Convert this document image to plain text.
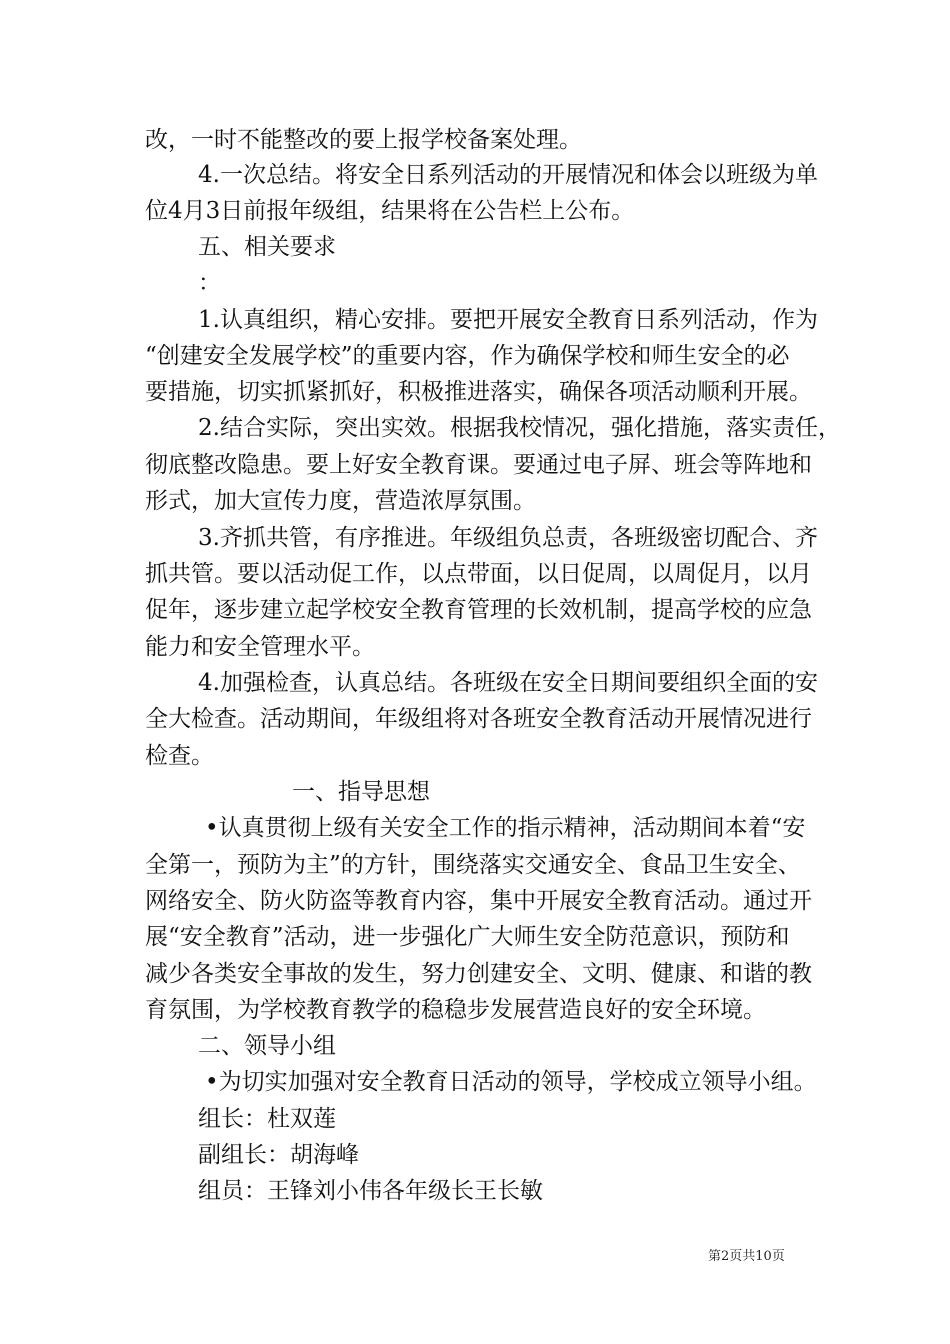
改，一时不能整改的要上报学校备案处理。
4.一次总结。将安全日系列活动的开展情况和体会以班级为单
位4月3日前报年级组，结果将在公告栏上公布。
五、相关要求
：
1.认真组织，精心安排。要把开展安全教育日系列活动，作为
“创建安全发展学校”的重要内容，作为确保学校和师生安全的必
要措施，切实抓紧抓好，积极推进落实，确保各项活动顺利开展。
2.结合实际，突出实效。根据我校情况，强化措施，落实责任，
彻底整改隐患。要上好安全教育课。要通过电子屏、班会等阵地和
形式，加大宣传力度，营造浓厚氛围。
3.齐抓共管，有序推进。年级组负总责，各班级密切配合、齐
抓共管。要以活动促工作，以点带面，以日促周，以周促月，以月
促年，逐步建立起学校安全教育管理的长效机制，提高学校的应急
能力和安全管理水平。
4.加强检查，认真总结。各班级在安全日期间要组织全面的安
全大检查。活动期间，年级组将对各班安全教育活动开展情况进行
检查。
一、指导思想
•认真贯彻上级有关安全工作的指示精神，活动期间本着“安
全第一，预防为主”的方针，围绕落实交通安全、食品卫生安全、
网络安全、防火防盗等教育内容，集中开展安全教育活动。通过开
展“安全教育”活动，进一步强化广大师生安全防范意识，预防和
减少各类安全事故的发生，努力创建安全、文明、健康、和谐的教
育氛围，为学校教育教学的稳稳步发展营造良好的安全环境。
二、领导小组
•为切实加强对安全教育日活动的领导，学校成立领导小组。
组长：杜双莲
副组长：胡海峰
组员：王锋刘小伟各年级长王长敏
第2页共10页
